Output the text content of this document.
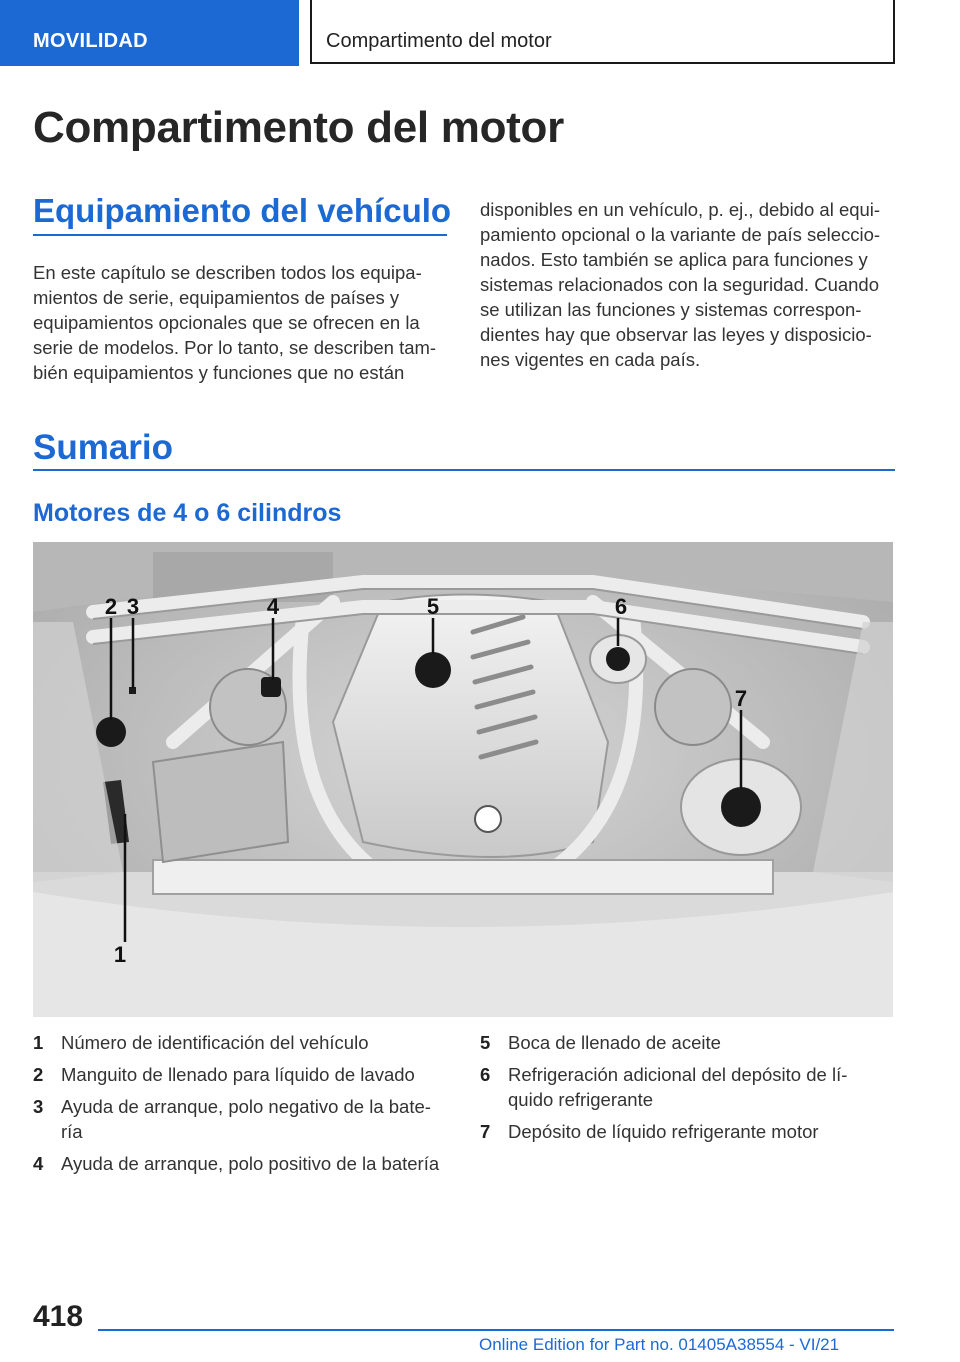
MOVILIDAD	Compartimento del motor
Compartimento del motor
Equipamiento del vehículo
En este capítulo se describen todos los equipa-
mientos de serie, equipamientos de países y
equipamientos opcionales que se ofrecen en la
serie de modelos. Por lo tanto, se describen tam-
bién equipamientos y funciones que no están
disponibles en un vehículo, p. ej., debido al equi-
pamiento opcional o la variante de país seleccio-
nados. Esto también se aplica para funciones y
sistemas relacionados con la seguridad. Cuando
se utilizan las funciones y sistemas correspon-
dientes hay que observar las leyes y disposicio-
nes vigentes en cada país.
Sumario
Motores de 4 o 6 cilindros
2 3	4	5	6
7
1
1 Número de identificación del vehículo
2 Manguito de llenado para líquido de lavado
3 Ayuda de arranque, polo negativo de la bate-
ría
4 Ayuda de arranque, polo positivo de la batería
5 Boca de llenado de aceite
6 Refrigeración adicional del depósito de lí-
quido refrigerante
7 Depósito de líquido refrigerante motor
418
Online Edition for Part no. 01405A38554 - VI/21
